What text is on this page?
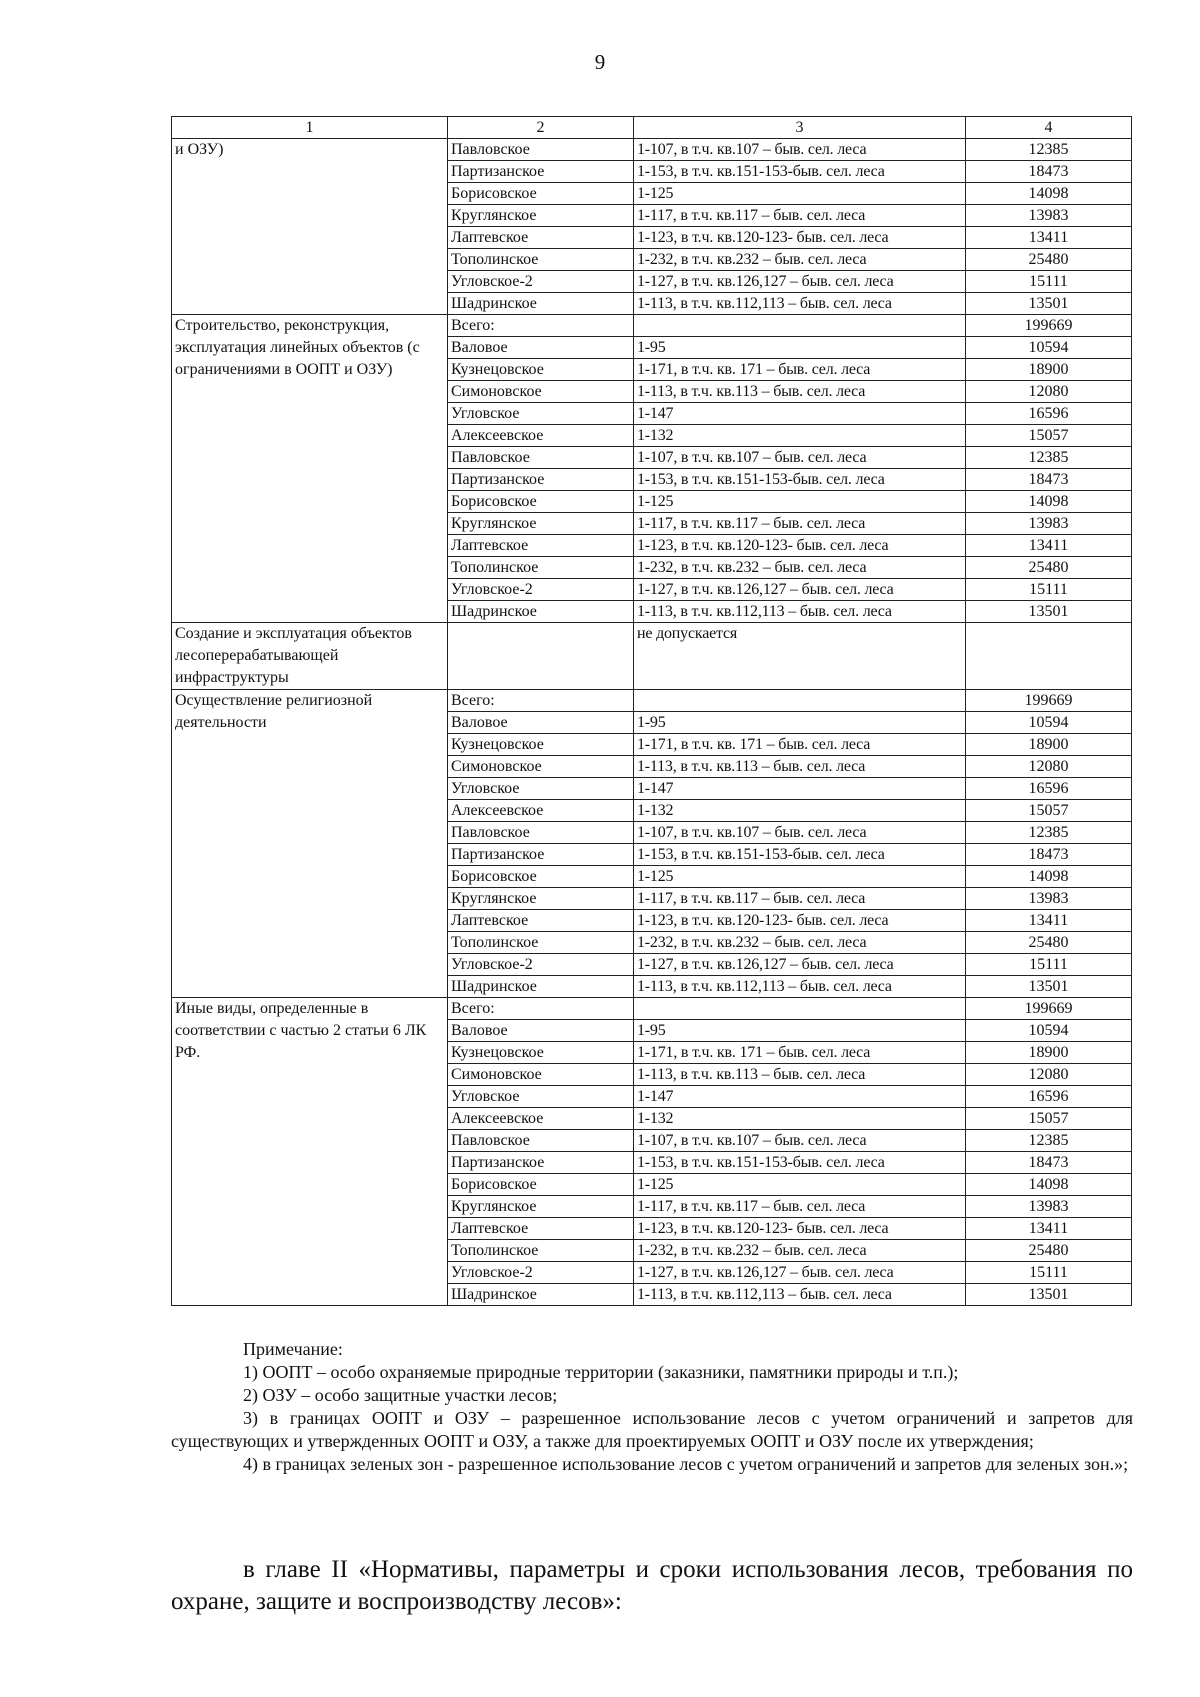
9
1	2	3	4
и ОЗУ)	Павловское	1-107, в т.ч. кв.107 – быв. сел. леса	12385
	Партизанское	1-153, в т.ч. кв.151-153-быв. сел. леса	18473
	Борисовское	1-125	14098
	Круглянское	1-117, в т.ч. кв.117 – быв. сел. леса	13983
	Лаптевское	1-123, в т.ч. кв.120-123- быв. сел. леса	13411
	Тополинское	1-232, в т.ч. кв.232 – быв. сел. леса	25480
	Угловское-2	1-127, в т.ч. кв.126,127 – быв. сел. леса	15111
	Шадринское	1-113, в т.ч. кв.112,113 – быв. сел. леса	13501
Строительство, реконструкция, эксплуатация линейных объектов (с ограничениями в ООПТ и ОЗУ)	Всего:		199669
	Валовое	1-95	10594
	Кузнецовское	1-171, в т.ч. кв. 171 – быв. сел. леса	18900
	Симоновское	1-113, в т.ч. кв.113 – быв. сел. леса	12080
	Угловское	1-147	16596
	Алексеевское	1-132	15057
	Павловское	1-107, в т.ч. кв.107 – быв. сел. леса	12385
	Партизанское	1-153, в т.ч. кв.151-153-быв. сел. леса	18473
	Борисовское	1-125	14098
	Круглянское	1-117, в т.ч. кв.117 – быв. сел. леса	13983
	Лаптевское	1-123, в т.ч. кв.120-123- быв. сел. леса	13411
	Тополинское	1-232, в т.ч. кв.232 – быв. сел. леса	25480
	Угловское-2	1-127, в т.ч. кв.126,127 – быв. сел. леса	15111
	Шадринское	1-113, в т.ч. кв.112,113 – быв. сел. леса	13501
Создание и эксплуатация объектов лесоперерабатывающей инфраструктуры		не допускается	
Осуществление религиозной деятельности	Всего:		199669
	Валовое	1-95	10594
	Кузнецовское	1-171, в т.ч. кв. 171 – быв. сел. леса	18900
	Симоновское	1-113, в т.ч. кв.113 – быв. сел. леса	12080
	Угловское	1-147	16596
	Алексеевское	1-132	15057
	Павловское	1-107, в т.ч. кв.107 – быв. сел. леса	12385
	Партизанское	1-153, в т.ч. кв.151-153-быв. сел. леса	18473
	Борисовское	1-125	14098
	Круглянское	1-117, в т.ч. кв.117 – быв. сел. леса	13983
	Лаптевское	1-123, в т.ч. кв.120-123- быв. сел. леса	13411
	Тополинское	1-232, в т.ч. кв.232 – быв. сел. леса	25480
	Угловское-2	1-127, в т.ч. кв.126,127 – быв. сел. леса	15111
	Шадринское	1-113, в т.ч. кв.112,113 – быв. сел. леса	13501
Иные виды, определенные в соответствии с частью 2 статьи 6 ЛК РФ.	Всего:		199669
	Валовое	1-95	10594
	Кузнецовское	1-171, в т.ч. кв. 171 – быв. сел. леса	18900
	Симоновское	1-113, в т.ч. кв.113 – быв. сел. леса	12080
	Угловское	1-147	16596
	Алексеевское	1-132	15057
	Павловское	1-107, в т.ч. кв.107 – быв. сел. леса	12385
	Партизанское	1-153, в т.ч. кв.151-153-быв. сел. леса	18473
	Борисовское	1-125	14098
	Круглянское	1-117, в т.ч. кв.117 – быв. сел. леса	13983
	Лаптевское	1-123, в т.ч. кв.120-123- быв. сел. леса	13411
	Тополинское	1-232, в т.ч. кв.232 – быв. сел. леса	25480
	Угловское-2	1-127, в т.ч. кв.126,127 – быв. сел. леса	15111
	Шадринское	1-113, в т.ч. кв.112,113 – быв. сел. леса	13501

Примечание:

1) ООПТ – особо охраняемые природные территории (заказники, памятники природы и т.п.);

2) ОЗУ – особо защитные участки лесов;

3) в границах ООПТ и ОЗУ – разрешенное использование лесов с учетом ограничений и запретов для существующих и утвержденных ООПТ и ОЗУ, а также для проектируемых ООПТ и ОЗУ после их утверждения;

4) в границах зеленых зон - разрешенное использование лесов с учетом ограничений и запретов для зеленых зон.»;

в главе II «Нормативы, параметры и сроки использования лесов, требования по охране, защите и воспроизводству лесов»:
